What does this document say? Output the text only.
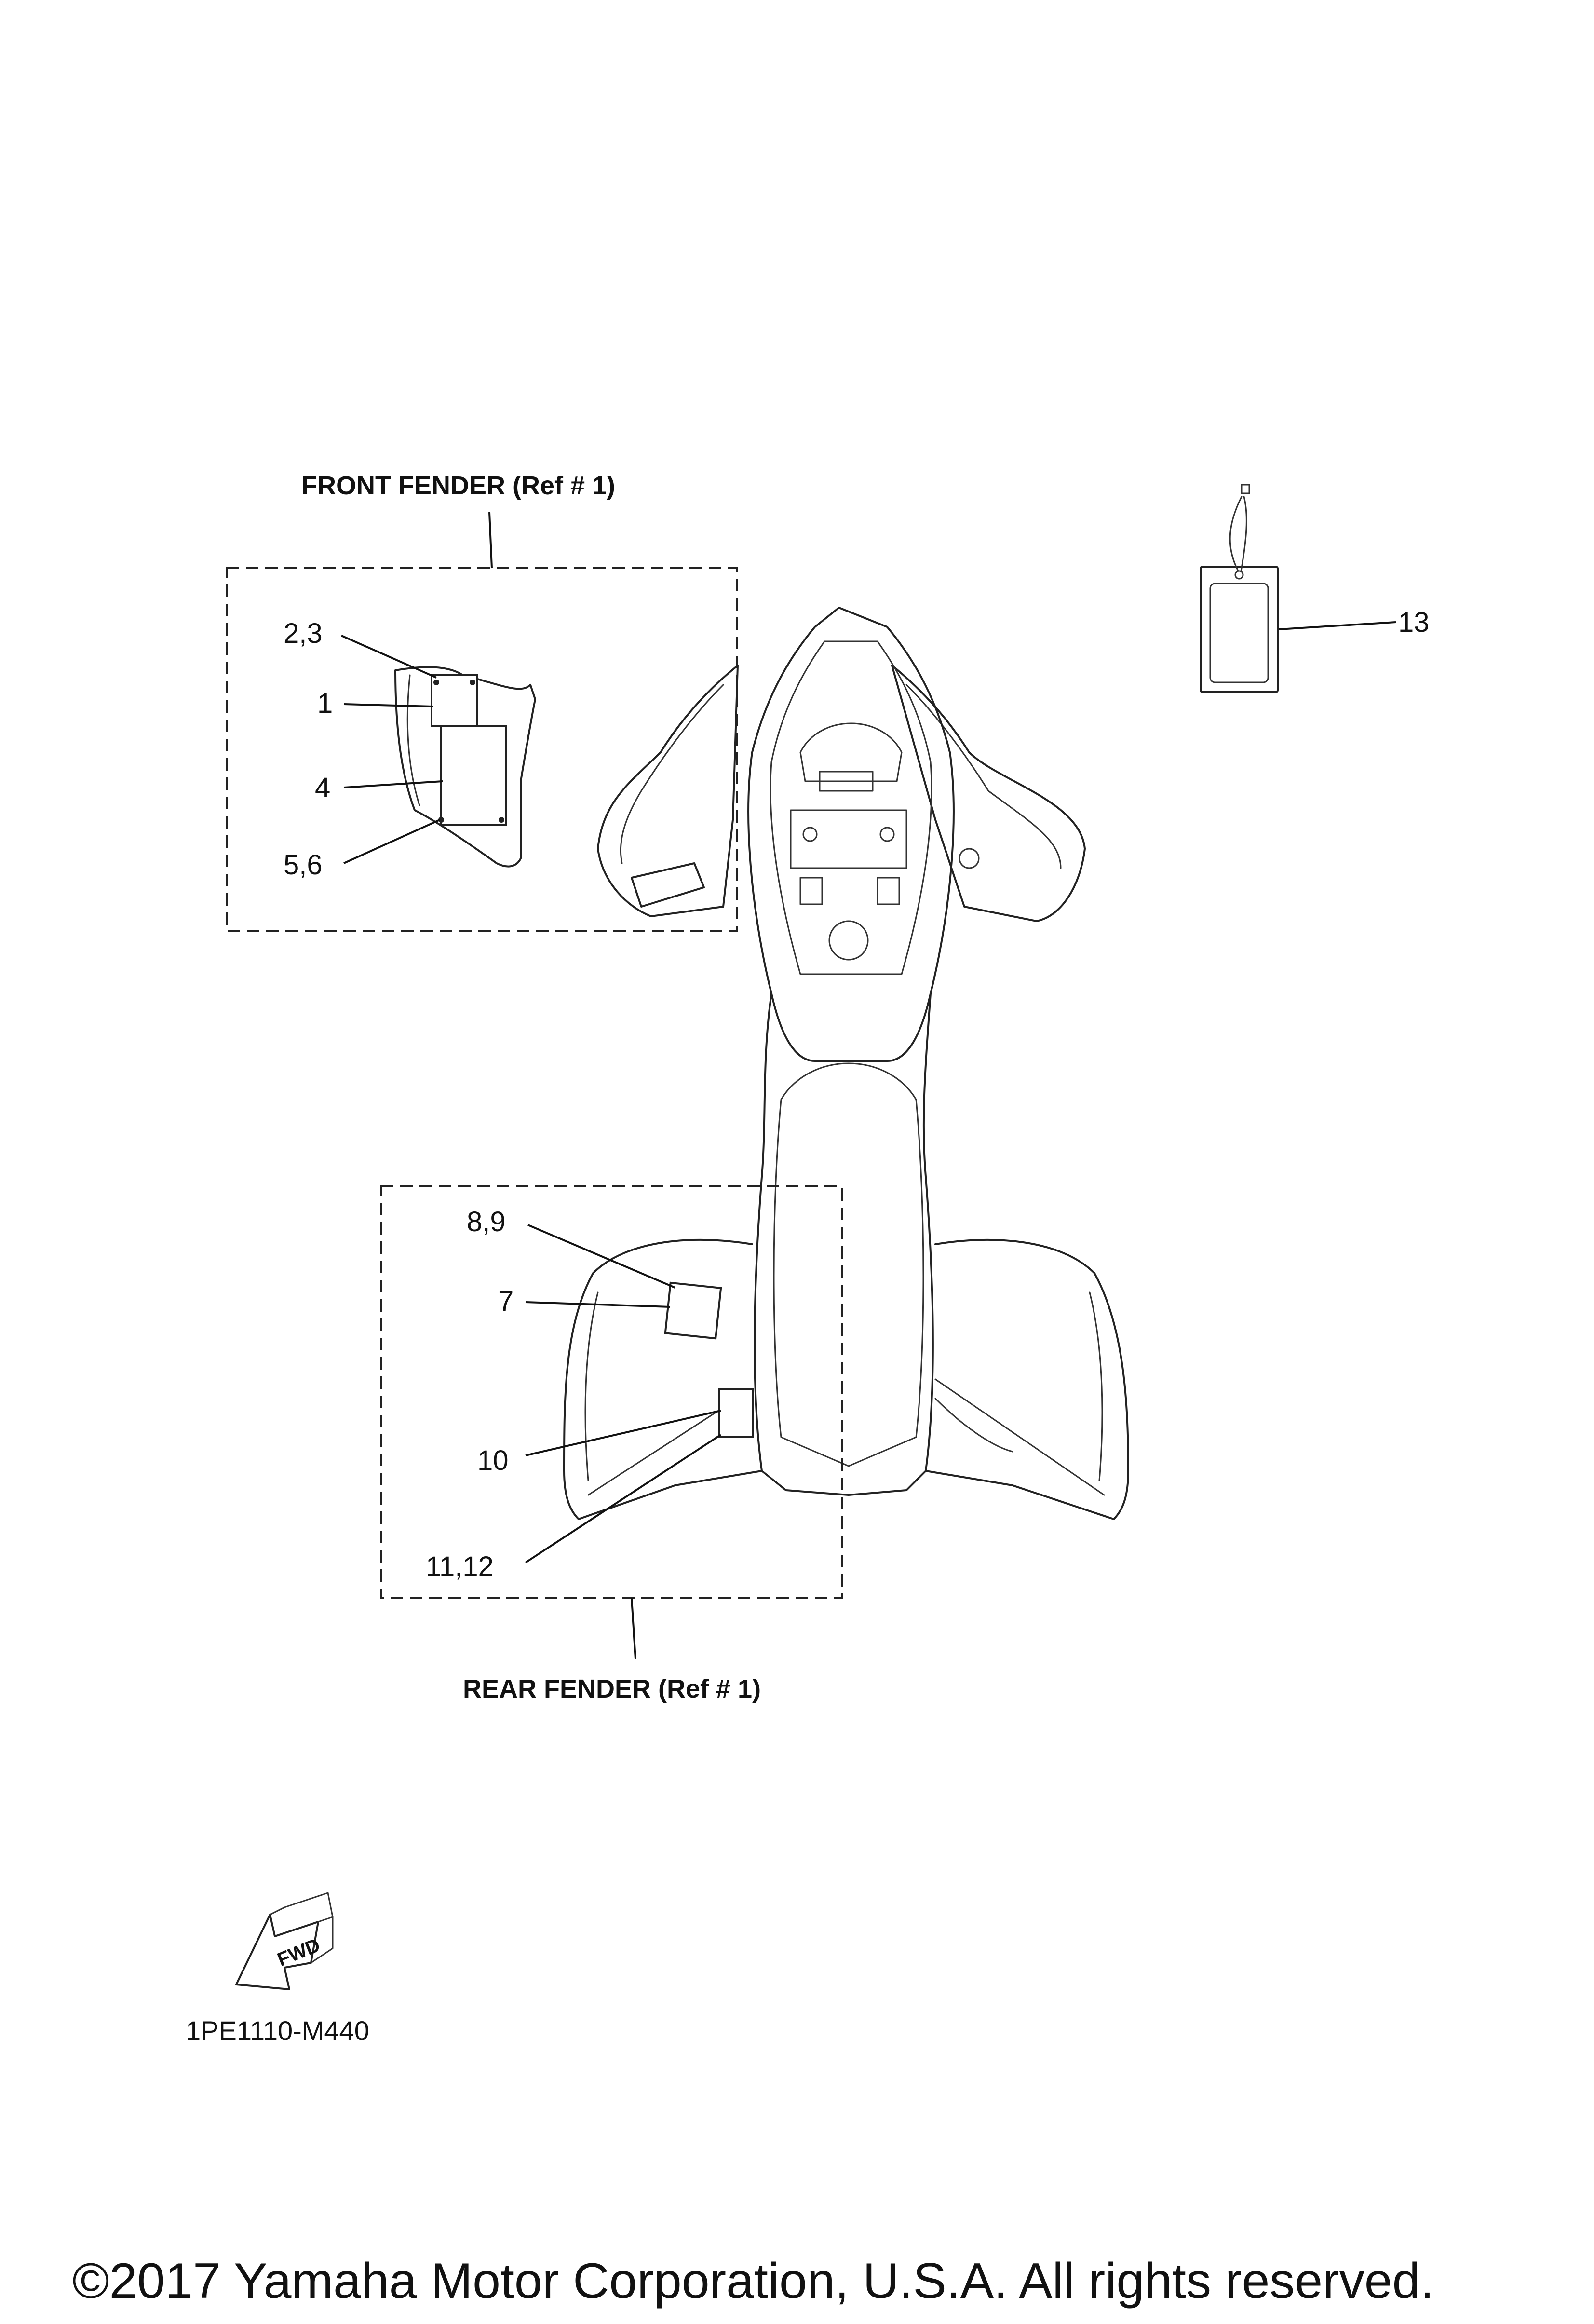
FRONT FENDER (Ref # 1)
REAR FENDER (Ref # 1)
2,3
1
4
5,6
8,9
7
10
11,12
13
FWD
1PE1110-M440
©2017 Yamaha Motor Corporation, U.S.A. All rights reserved.
